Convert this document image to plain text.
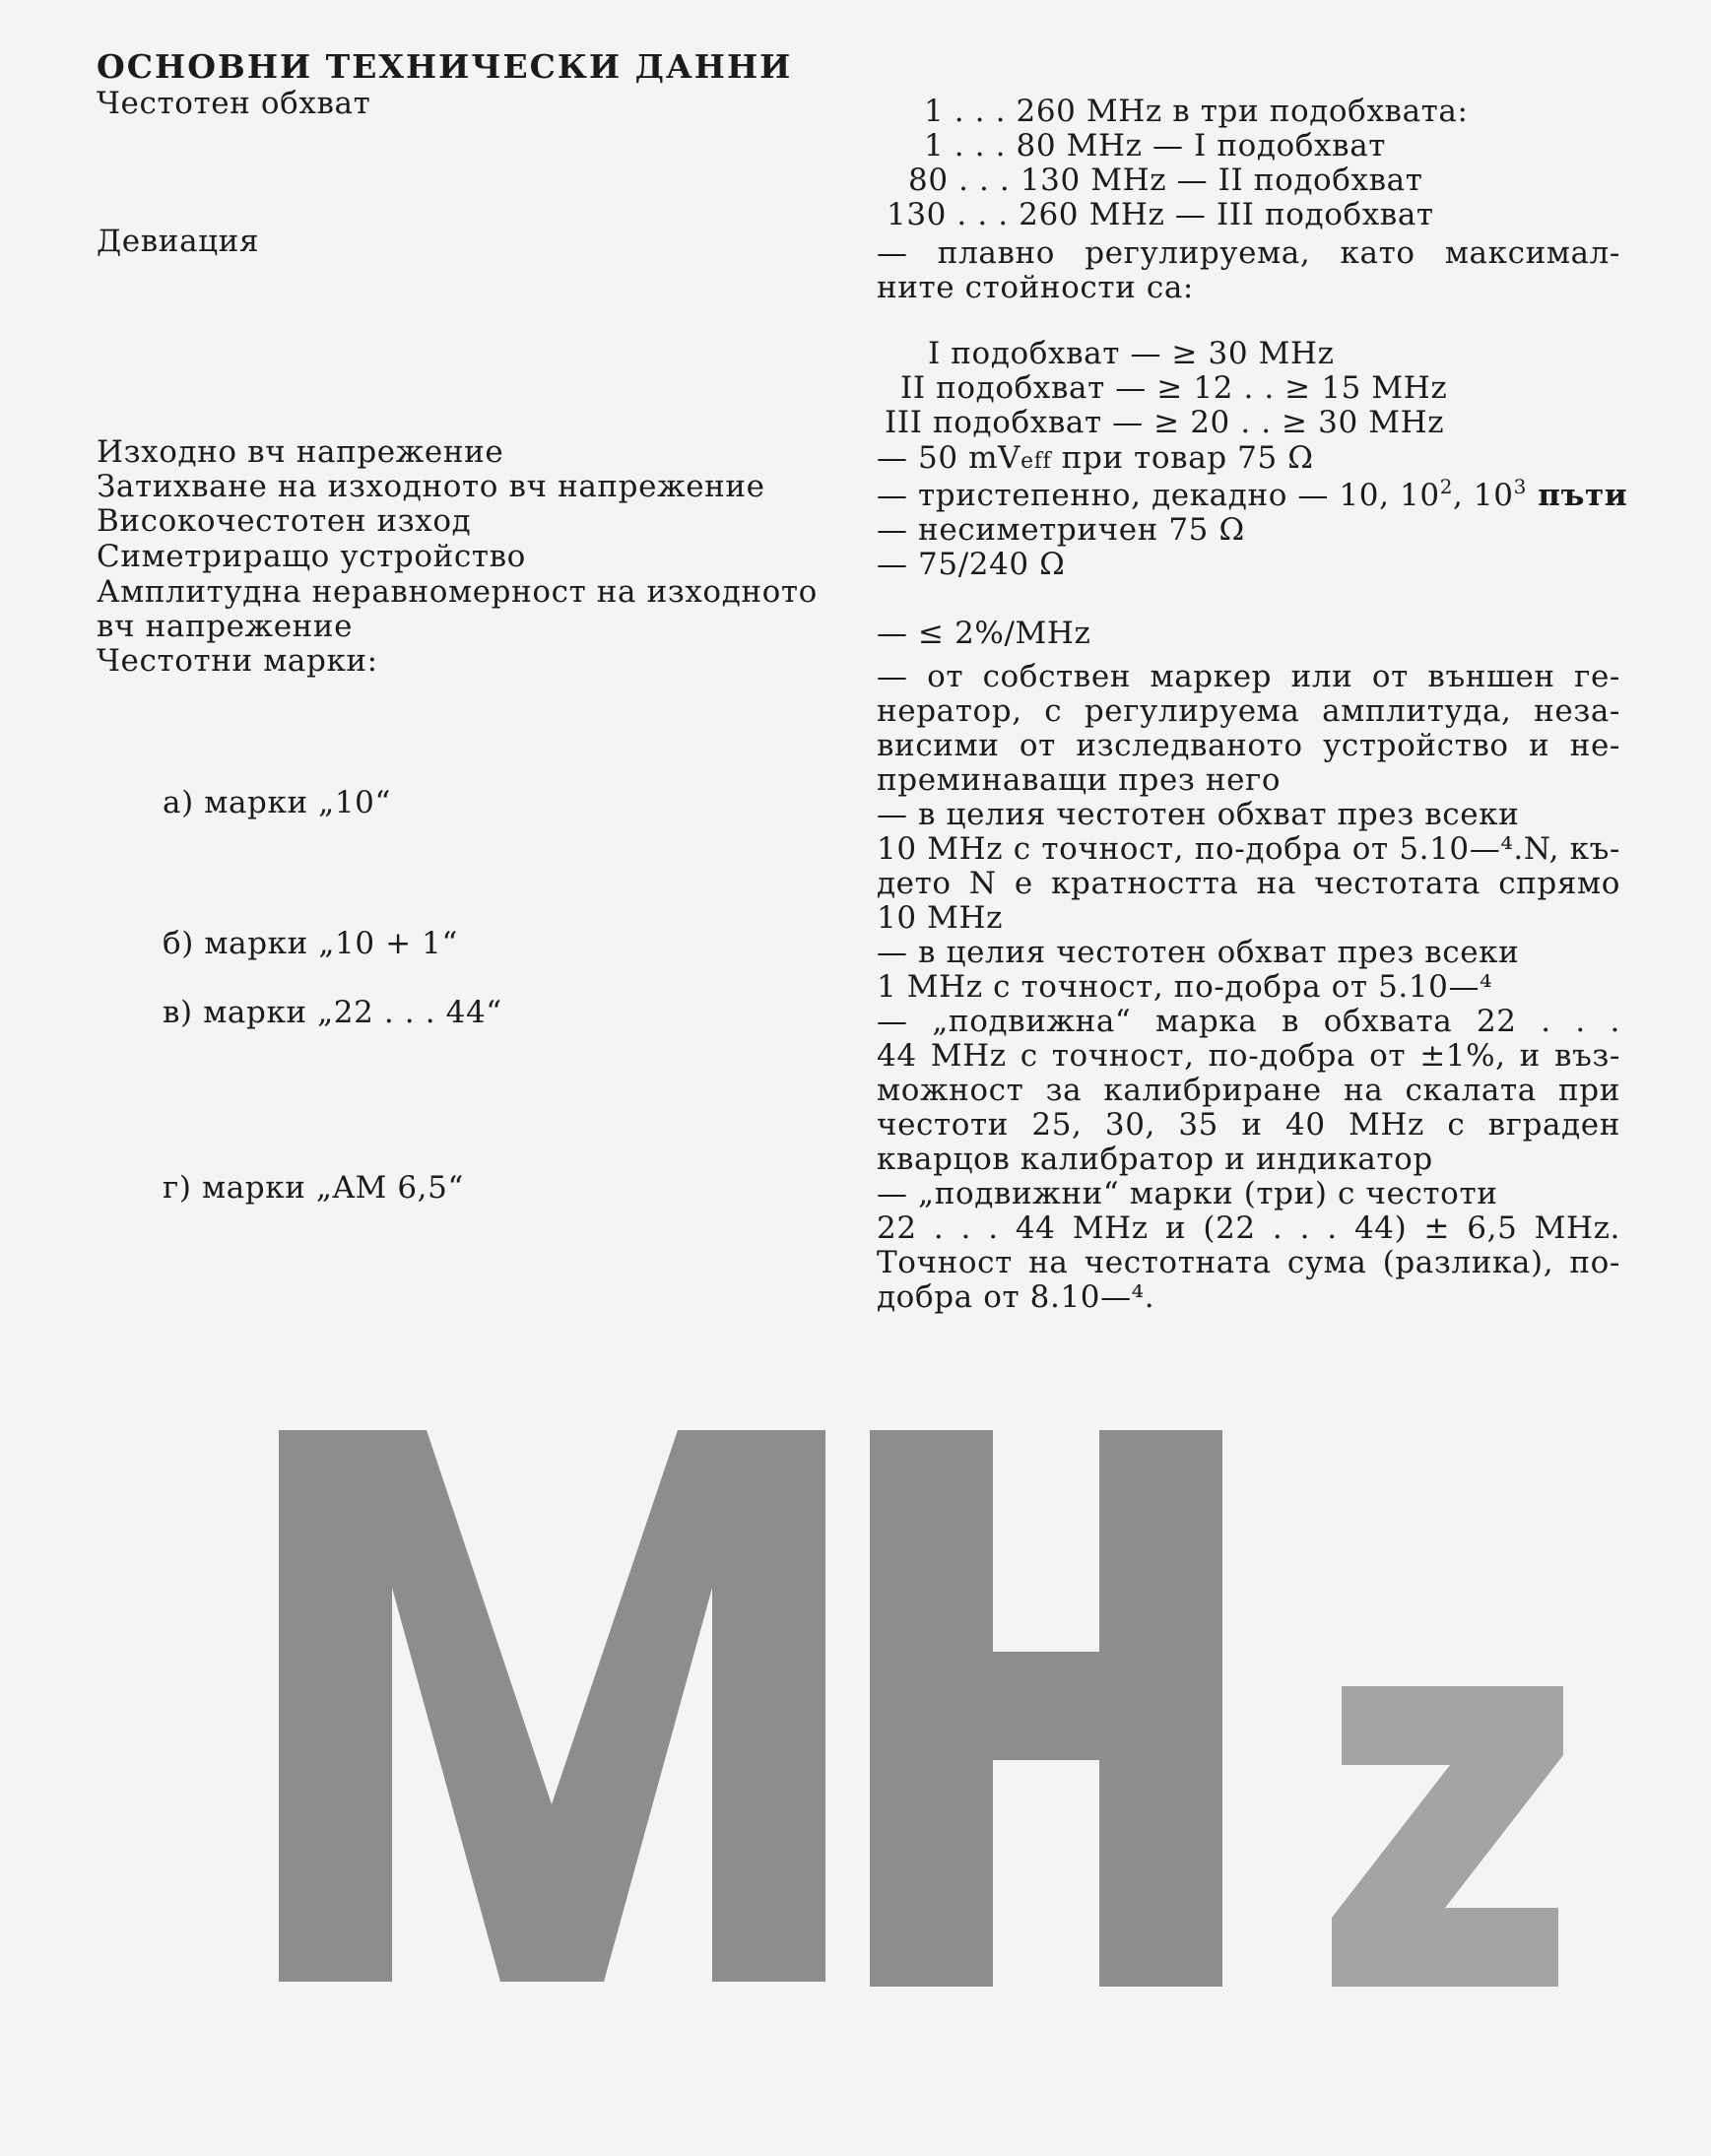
ОСНОВНИ ТЕХНИЧЕСКИ ДАННИ
Честотен обхват
Девиация
Изходно вч напрежение
Затихване на изходното вч напрежение
Високочестотен изход
Симетриращо устройство
Амплитудна неравномерност на изходното
вч напрежение
Честотни марки:
а) марки „10“
б) марки „10 + 1“
в) марки „22 . . . 44“
г) марки „AM 6,5“
1 . . . 260 MHz в три подобхвата:
1 . . . 80 MHz — I подобхват
80 . . . 130 MHz — II подобхват
130 . . . 260 MHz — III подобхват
— плавно регулируема, като максимал-
ните стойности са:
I подобхват — ≥ 30 MHz
II подобхват — ≥ 12 . . ≥ 15 MHz
III подобхват — ≥ 20 . . ≥ 30 MHz
— 50 mVeff при товар 75 Ω
— тристепенно, декадно — 10, $10^2$, $10^3$ пъти
— несиметричен 75 Ω
— 75/240 Ω
— ≤ 2%/MHz
— от собствен маркер или от външен ге-
нератор, с регулируема амплитуда, неза-
висими от изследваното устройство и не-
преминаващи през него
— в целия честотен обхват през всеки
10 MHz с точност, по-добра от 5.10—⁴.N, къ-
дето N е кратността на честотата спрямо
10 MHz
— в целия честотен обхват през всеки
1 MHz с точност, по-добра от 5.10—⁴
— „подвижна“ марка в обхвата 22 . . .
44 MHz с точност, по-добра от ±1%, и въз-
можност за калибриране на скалата при
честоти 25, 30, 35 и 40 MHz с вграден
кварцов калибратор и индикатор
— „подвижни“ марки (три) с честоти
22 . . . 44 MHz и (22 . . . 44) ± 6,5 MHz.
Точност на честотната сума (разлика), по-
добра от 8.10—⁴.
